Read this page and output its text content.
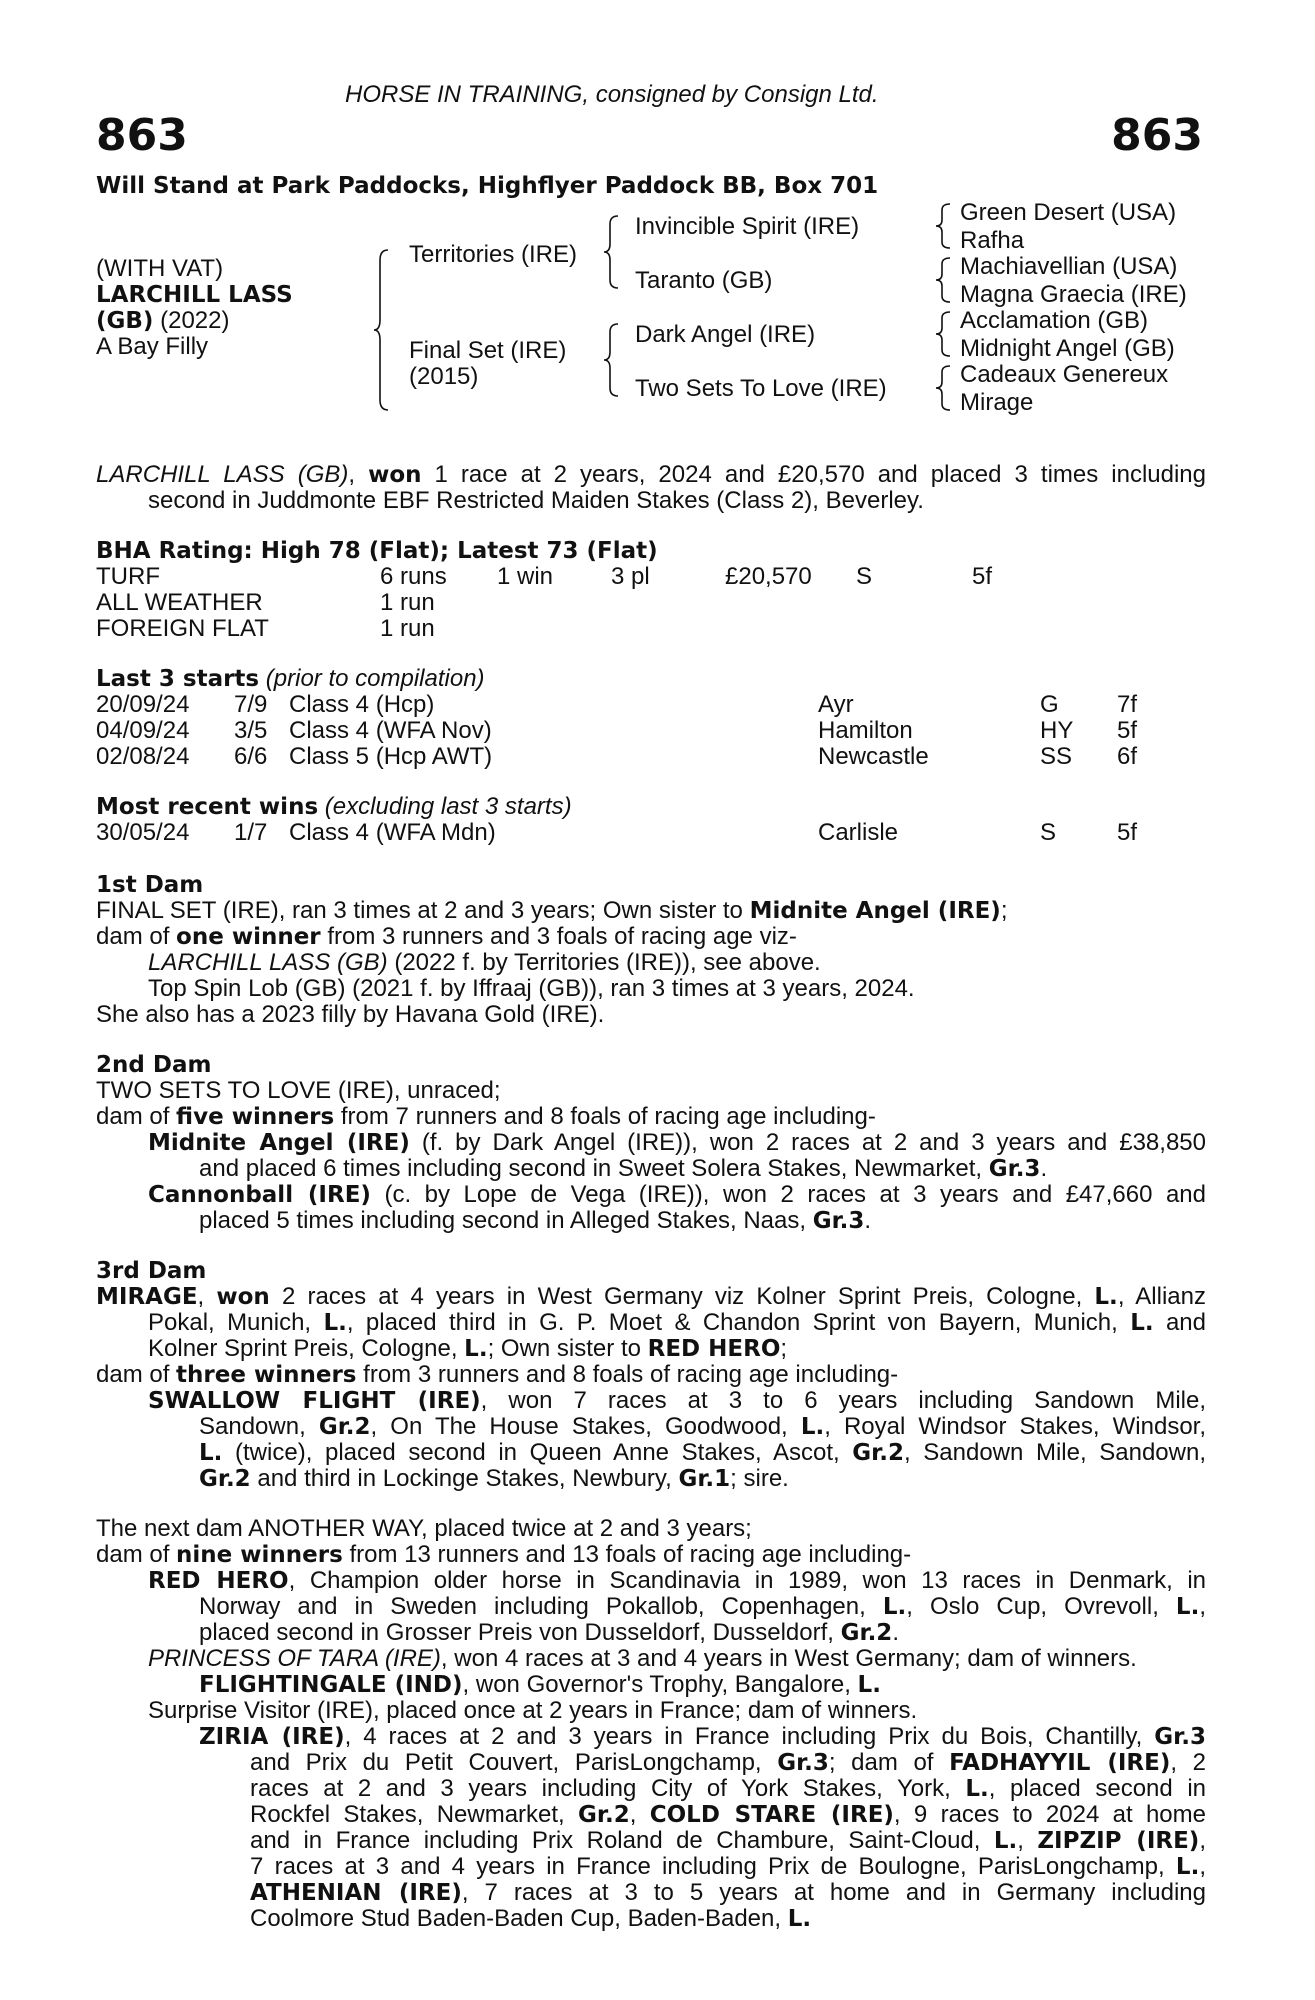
HORSE IN TRAINING, consigned by Consign Ltd.
863	863
Will Stand at Park Paddocks, Highflyer Paddock BB, Box 701
(WITH VAT)
LARCHILL LASS
(GB) (2022)
A Bay Filly
Territories (IRE)
Final Set (IRE)
(2015)
Invincible Spirit (IRE)
Taranto (GB)
Dark Angel (IRE)
Two Sets To Love (IRE)
Green Desert (USA)
Rafha
Machiavellian (USA)
Magna Graecia (IRE)
Acclamation (GB)
Midnight Angel (GB)
Cadeaux Genereux
Mirage
LARCHILL LASS (GB), won 1 race at 2 years, 2024 and £20,570 and placed 3 times including
second in Juddmonte EBF Restricted Maiden Stakes (Class 2), Beverley.
BHA Rating: High 78 (Flat); Latest 73 (Flat)
TURF	6 runs 1 win 3 pl	£20,570 S	5f
ALL WEATHER	1 run
FOREIGN FLAT	1 run
Last 3 starts (prior to compilation)
20/09/24 7/9 Class 4 (Hcp)	Ayr	G 7f
04/09/24 3/5 Class 4 (WFA Nov)	Hamilton	HY 5f
02/08/24 6/6 Class 5 (Hcp AWT)	Newcastle	SS 6f
Most recent wins (excluding last 3 starts)
30/05/24 1/7 Class 4 (WFA Mdn)	Carlisle	S	5f
1st Dam
FINAL SET (IRE), ran 3 times at 2 and 3 years; Own sister to Midnite Angel (IRE);
dam of one winner from 3 runners and 3 foals of racing age viz-
LARCHILL LASS (GB) (2022 f. by Territories (IRE)), see above.
Top Spin Lob (GB) (2021 f. by Iffraaj (GB)), ran 3 times at 3 years, 2024.
She also has a 2023 filly by Havana Gold (IRE).
2nd Dam
TWO SETS TO LOVE (IRE), unraced;
dam of five winners from 7 runners and 8 foals of racing age including-
Midnite Angel (IRE) (f. by Dark Angel (IRE)), won 2 races at 2 and 3 years and £38,850
and placed 6 times including second in Sweet Solera Stakes, Newmarket, Gr.3.
Cannonball (IRE) (c. by Lope de Vega (IRE)), won 2 races at 3 years and £47,660 and
placed 5 times including second in Alleged Stakes, Naas, Gr.3.
3rd Dam
MIRAGE, won 2 races at 4 years in West Germany viz Kolner Sprint Preis, Cologne, L., Allianz
Pokal, Munich, L., placed third in G. P. Moet & Chandon Sprint von Bayern, Munich, L. and
Kolner Sprint Preis, Cologne, L.; Own sister to RED HERO;
dam of three winners from 3 runners and 8 foals of racing age including-
SWALLOW FLIGHT (IRE), won 7 races at 3 to 6 years including Sandown Mile,
Sandown, Gr.2, On The House Stakes, Goodwood, L., Royal Windsor Stakes, Windsor,
L. (twice), placed second in Queen Anne Stakes, Ascot, Gr.2, Sandown Mile, Sandown,
Gr.2 and third in Lockinge Stakes, Newbury, Gr.1; sire.
The next dam ANOTHER WAY, placed twice at 2 and 3 years;
dam of nine winners from 13 runners and 13 foals of racing age including-
RED HERO, Champion older horse in Scandinavia in 1989, won 13 races in Denmark, in
Norway and in Sweden including Pokallob, Copenhagen, L., Oslo Cup, Ovrevoll, L.,
placed second in Grosser Preis von Dusseldorf, Dusseldorf, Gr.2.
PRINCESS OF TARA (IRE), won 4 races at 3 and 4 years in West Germany; dam of winners.
FLIGHTINGALE (IND), won Governor's Trophy, Bangalore, L.
Surprise Visitor (IRE), placed once at 2 years in France; dam of winners.
ZIRIA (IRE), 4 races at 2 and 3 years in France including Prix du Bois, Chantilly, Gr.3
and Prix du Petit Couvert, ParisLongchamp, Gr.3; dam of FADHAYYIL (IRE), 2
races at 2 and 3 years including City of York Stakes, York, L., placed second in
Rockfel Stakes, Newmarket, Gr.2, COLD STARE (IRE), 9 races to 2024 at home
and in France including Prix Roland de Chambure, Saint-Cloud, L., ZIPZIP (IRE),
7 races at 3 and 4 years in France including Prix de Boulogne, ParisLongchamp, L.,
ATHENIAN (IRE), 7 races at 3 to 5 years at home and in Germany including
Coolmore Stud Baden-Baden Cup, Baden-Baden, L.
